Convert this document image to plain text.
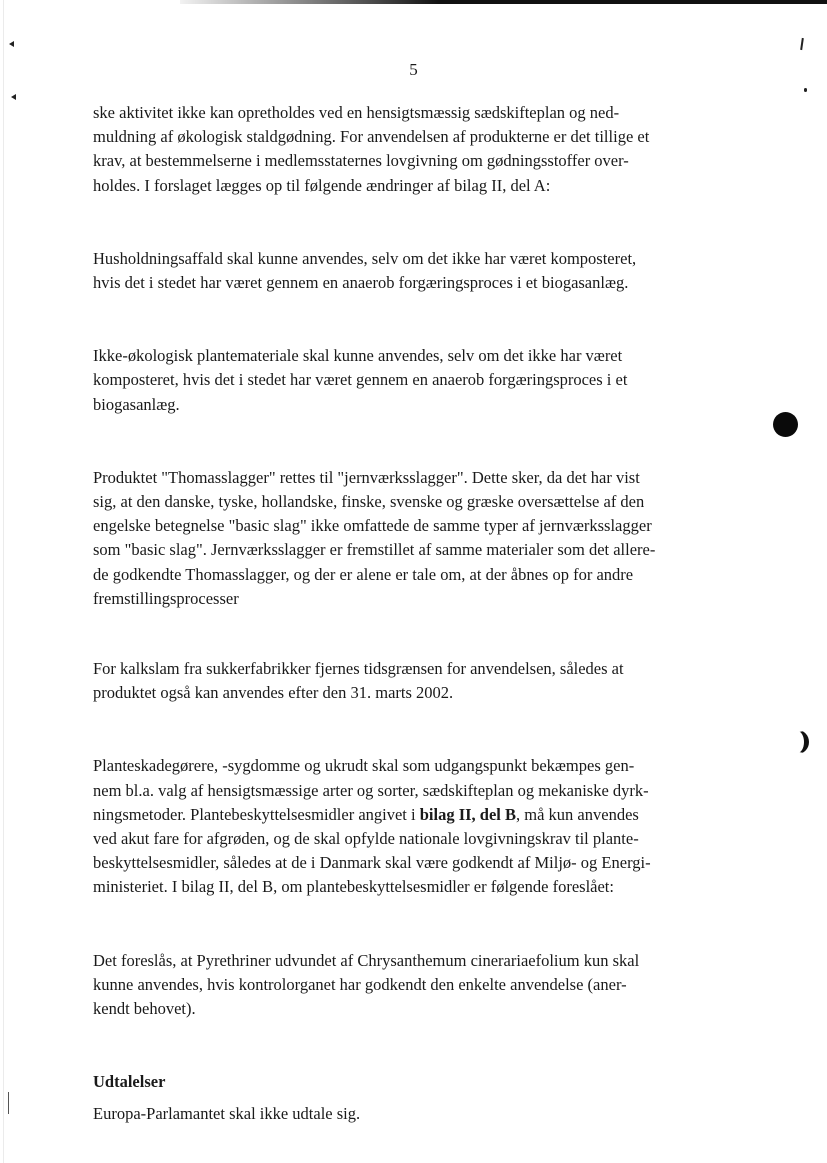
5

ske aktivitet ikke kan opretholdes ved en hensigtsmæssig sædskifteplan og ned-
muldning af økologisk staldgødning. For anvendelsen af produkterne er det tillige et
krav, at bestemmelserne i medlemsstaternes lovgivning om gødningsstoffer over-
holdes. I forslaget lægges op til følgende ændringer af bilag II, del A:

Husholdningsaffald skal kunne anvendes, selv om det ikke har været komposteret,
hvis det i stedet har været gennem en anaerob forgæringsproces i et biogasanlæg.

Ikke-økologisk plantemateriale skal kunne anvendes, selv om det ikke har været
komposteret, hvis det i stedet har været gennem en anaerob forgæringsproces i et
biogasanlæg.

Produktet "Thomasslagger" rettes til "jernværksslagger". Dette sker, da det har vist
sig, at den danske, tyske, hollandske, finske, svenske og græske oversættelse af den
engelske betegnelse "basic slag" ikke omfattede de samme typer af jernværksslagger
som "basic slag". Jernværksslagger er fremstillet af samme materialer som det allere-
de godkendte Thomasslagger, og der er alene er tale om, at der åbnes op for andre
fremstillingsprocesser

For kalkslam fra sukkerfabrikker fjernes tidsgrænsen for anvendelsen, således at
produktet også kan anvendes efter den 31. marts 2002.

Planteskadegørere, -sygdomme og ukrudt skal som udgangspunkt bekæmpes gen-
nem bl.a. valg af hensigtsmæssige arter og sorter, sædskifteplan og mekaniske dyrk-
ningsmetoder. Plantebeskyttelsesmidler angivet i bilag II, del B, må kun anvendes
ved akut fare for afgrøden, og de skal opfylde nationale lovgivningskrav til plante-
beskyttelsesmidler, således at de i Danmark skal være godkendt af Miljø- og Energi-
ministeriet. I bilag II, del B, om plantebeskyttelsesmidler er følgende foreslået:

Det foreslås, at Pyrethriner udvundet af Chrysanthemum cinerariaefolium kun skal
kunne anvendes, hvis kontrolorganet har godkendt den enkelte anvendelse (aner-
kendt behovet).

Udtalelser

Europa-Parlamantet skal ikke udtale sig.
